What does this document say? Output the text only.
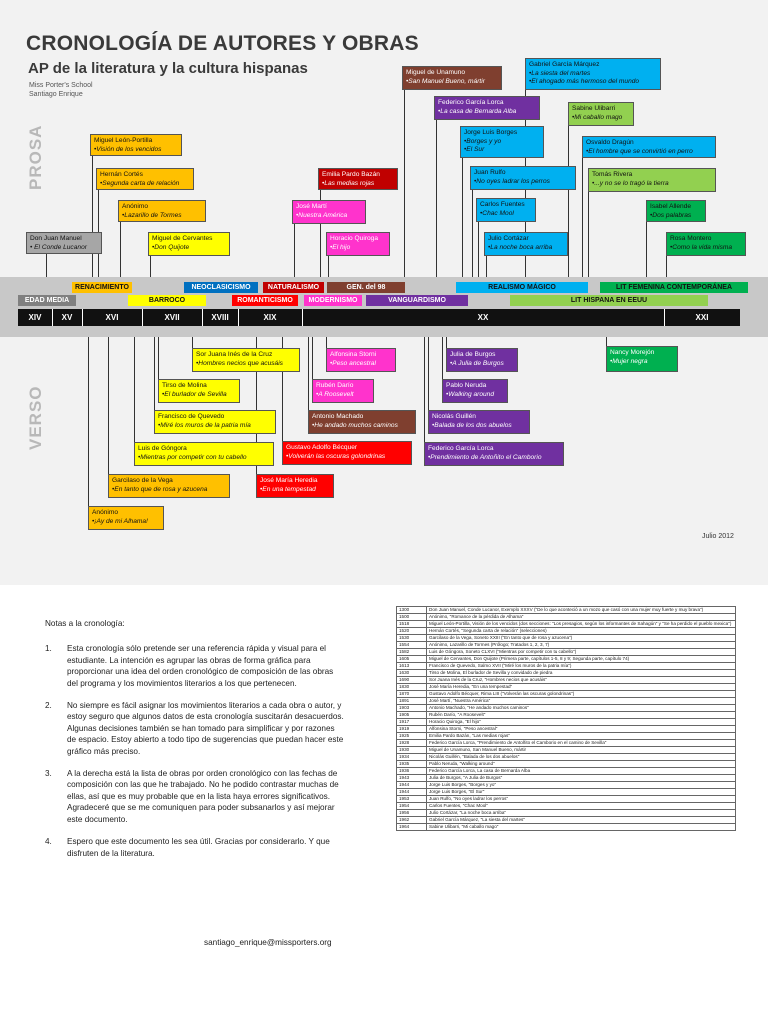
CRONOLOGÍA DE AUTORES Y OBRAS
AP de la literatura y la cultura hispanas
Miss Porter's School
Santiago Enrique
PROSA
VERSO
RENACIMIENTO	NEOCLASICISMO	NATURALISMO	GEN. del 98	REALISMO MÁGICO	LIT FEMENINA CONTEMPORÁNEA
EDAD MEDIA	BARROCO	ROMANTICISMO	MODERNISMO	VANGUARDISMO	LIT HISPANA EN EEUU
XIV	XV	XVI	XVII	XVIII	XIX	XX	XXI
Don Juan Manuel
• El Conde Lucanor
Miguel León-Portilla
•Visión de los vencidos
Hernán Cortés
•Segunda carta de relación
Anónimo
•Lazarillo de Tormes
Miguel de Cervantes
•Don Quijote
Emilia Pardo Bazán
•Las medias rojas
José Martí
•Nuestra América
Horacio Quiroga
•El hijo
Miguel de Unamuno
•San Manuel Bueno, mártir
Federico García Lorca
•La casa de Bernarda Alba
Jorge Luis Borges
•Borges y yo
•El Sur
Juan Rulfo
•No oyes ladrar los perros
Carlos Fuentes
•Chac Mool
Julio Cortázar
•La noche boca arriba
Gabriel García Márquez
•La siesta del martes
•El ahogado más hermoso del mundo
Sabine Ulibarri
•Mi caballo mago
Osvaldo Dragún
•El hombre que se convirtió en perro
Tomás Rivera
•...y no se lo tragó la tierra
Isabel Allende
•Dos palabras
Rosa Montero
•Como la vida misma
Sor Juana Inés de la Cruz
•Hombres necios que acusáis
Tirso de Molina
•El burlador de Sevilla
Francisco de Quevedo
•Miré los muros de la patria mía
Luis de Góngora
•Mientras por competir con tu cabello
Garcilaso de la Vega
•En tanto que de rosa y azucena
Anónimo
•¡Ay de mi Alhama!
Alfonsina Storni
•Peso ancestral
Rubén Darío
•A Roosevelt
Antonio Machado
•He andado muchos caminos
Gustavo Adolfo Bécquer
•Volverán las oscuras golondrinas
José María Heredia
•En una tempestad
Julia de Burgos
•A Julia de Burgos
Pablo Neruda
•Walking around
Nicolás Guillén
•Balada de los dos abuelos
Federico García Lorca
•Prendimiento de Antoñito el Camborio
Nancy Morejón
•Mujer negra
Julio 2012
Notas a la cronología:
1.	Esta cronología sólo pretende ser una referencia rápida y visual para el estudiante. La intención es agrupar las obras de forma gráfica para proporcionar una idea del orden cronológico de composición de las obras del programa y los movimientos literarios a los que pertenecen.
2.	No siempre es fácil asignar los movimientos literarios a cada obra o autor, y estoy seguro que algunos datos de esta cronología suscitarán desacuerdos. Algunas decisiones también se han tomado para simplificar y por razones de espacio. Estoy abierto a todo tipo de sugerencias que puedan hacer este gráfico más preciso.
3.	A la derecha está la lista de obras por orden cronológico con las fechas de composición con las que he trabajado. No he podido contrastar muchas de ellas, así que es muy probable que en la lista haya errores significativos. Agradeceré que se me comuniquen para poder subsanarlos y así mejorar este documento.
4.	Espero que este documento les sea útil. Gracias por considerarlo. Y que disfruten de la literatura.
santiago_enrique@missporters.org
1300	Don Juan Manuel, Conde Lucanor, Exemplo XXXV ("De lo que aconteció a un mozo que casó con una mujer muy fuerte y muy brava")
1500	Anónimo, "Romance de la pérdida de Alhama"
1518	Miguel León-Portilla, Visión de los vencidos (dos secciones: "Los presagios, según los informantes de Sahagún" y "Se ha perdido el pueblo mexica")
1520	Hernán Cortés, "Segunda carta de relación" (selecciones)
1530	Garcilaso de la Vega, Soneto XXIII ("En tanto que de rosa y azucena")
1554	Anónimo, Lazarillo de Tormes (Prólogo; Tratados 1, 2, 3, 7)
1582	Luis de Góngora, Soneto CLXVI ("Mientras por competir con tu cabello")
1605	Miguel de Cervantes, Don Quijote (Primera parte, capítulos 1-5, 8 y 9; Segunda parte, capítulo 74)
1613	Francisco de Quevedo, Salmo XVII ("Miré los muros de la patria mía")
1630	Tirso de Molina, El burlador de Sevilla y convidado de piedra
1690	Sor Juana Inés de la Cruz, "Hombres necios que acusáis"
1830	José María Heredia, "En una tempestad"
1870	Gustavo Adolfo Bécquer, Rima LIII ("Volverán las oscuras golondrinas")
1891	José Martí, "Nuestra América"
1903	Antonio Machado, "He andado muchos caminos"
1905	Rubén Darío, "A Roosevelt"
1917	Horacio Quiroga, "El hijo"
1919	Alfonsina Storni, "Peso ancestral"
1925	Emilia Pardo Bazán, "Las medias rojas"
1928	Federico García Lorca, "Prendimiento de Antoñito el Camborio en el camino de Sevilla"
1930	Miguel de Unamuno, San Manuel Bueno, mártir
1934	Nicolás Guillén, "Balada de los dos abuelos"
1935	Pablo Neruda, "Walking around"
1936	Federico García Lorca, La casa de Bernarda Alba
1943	Julia de Burgos, "A Julia de Burgos"
1944	Jorge Luis Borges, "Borges y yo"
1944	Jorge Luis Borges, "El Sur"
1953	Juan Rulfo, "No oyes ladrar los perros"
1954	Carlos Fuentes, "Chac Mool"
1956	Julio Cortázar, "La noche boca arriba"
1962	Gabriel García Márquez, "La siesta del martes"
1964	Sabine Ulibarri, "Mi caballo mago"
